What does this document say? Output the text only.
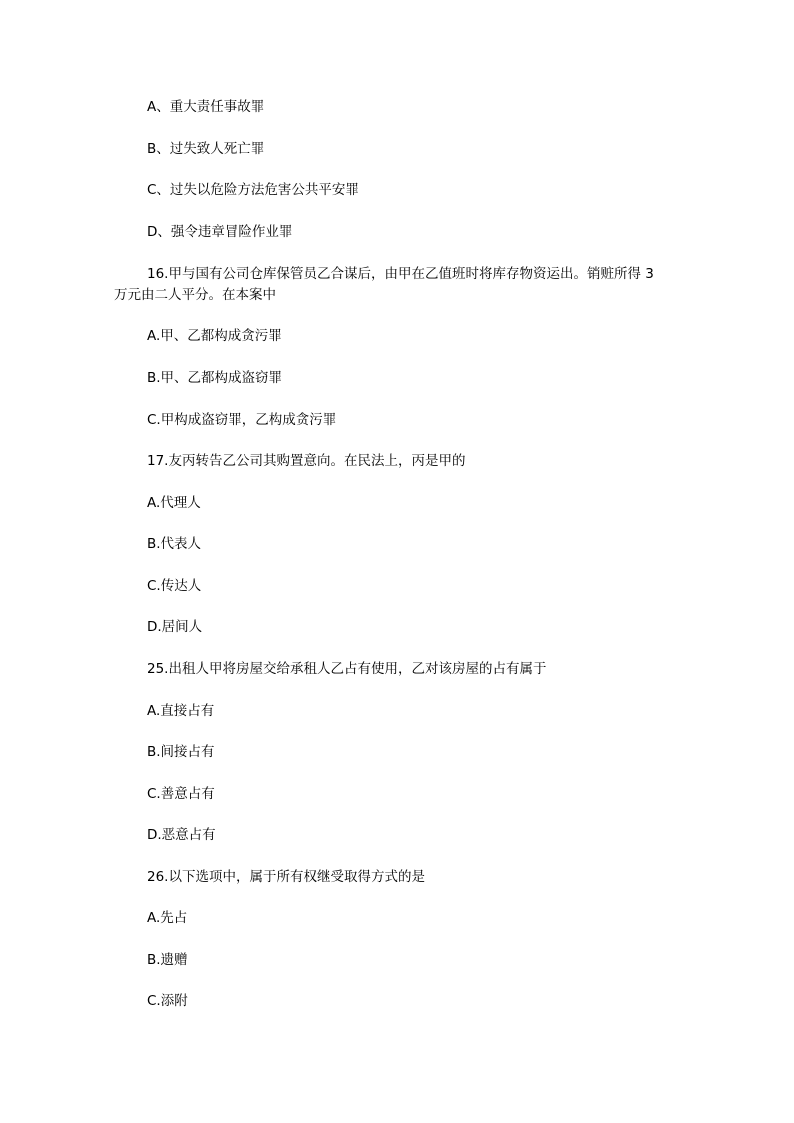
A、重大责任事故罪
B、过失致人死亡罪
C、过失以危险方法危害公共平安罪
D、强令违章冒险作业罪
16.甲与国有公司仓库保管员乙合谋后，由甲在乙值班时将库存物资运出。销赃所得 3
万元由二人平分。在本案中
A.甲、乙都构成贪污罪
B.甲、乙都构成盗窃罪
C.甲构成盗窃罪，乙构成贪污罪
17.友丙转告乙公司其购置意向。在民法上，丙是甲的
A.代理人
B.代表人
C.传达人
D.居间人
25.出租人甲将房屋交给承租人乙占有使用，乙对该房屋的占有属于
A.直接占有
B.间接占有
C.善意占有
D.恶意占有
26.以下选项中，属于所有权继受取得方式的是
A.先占
B.遗赠
C.添附
